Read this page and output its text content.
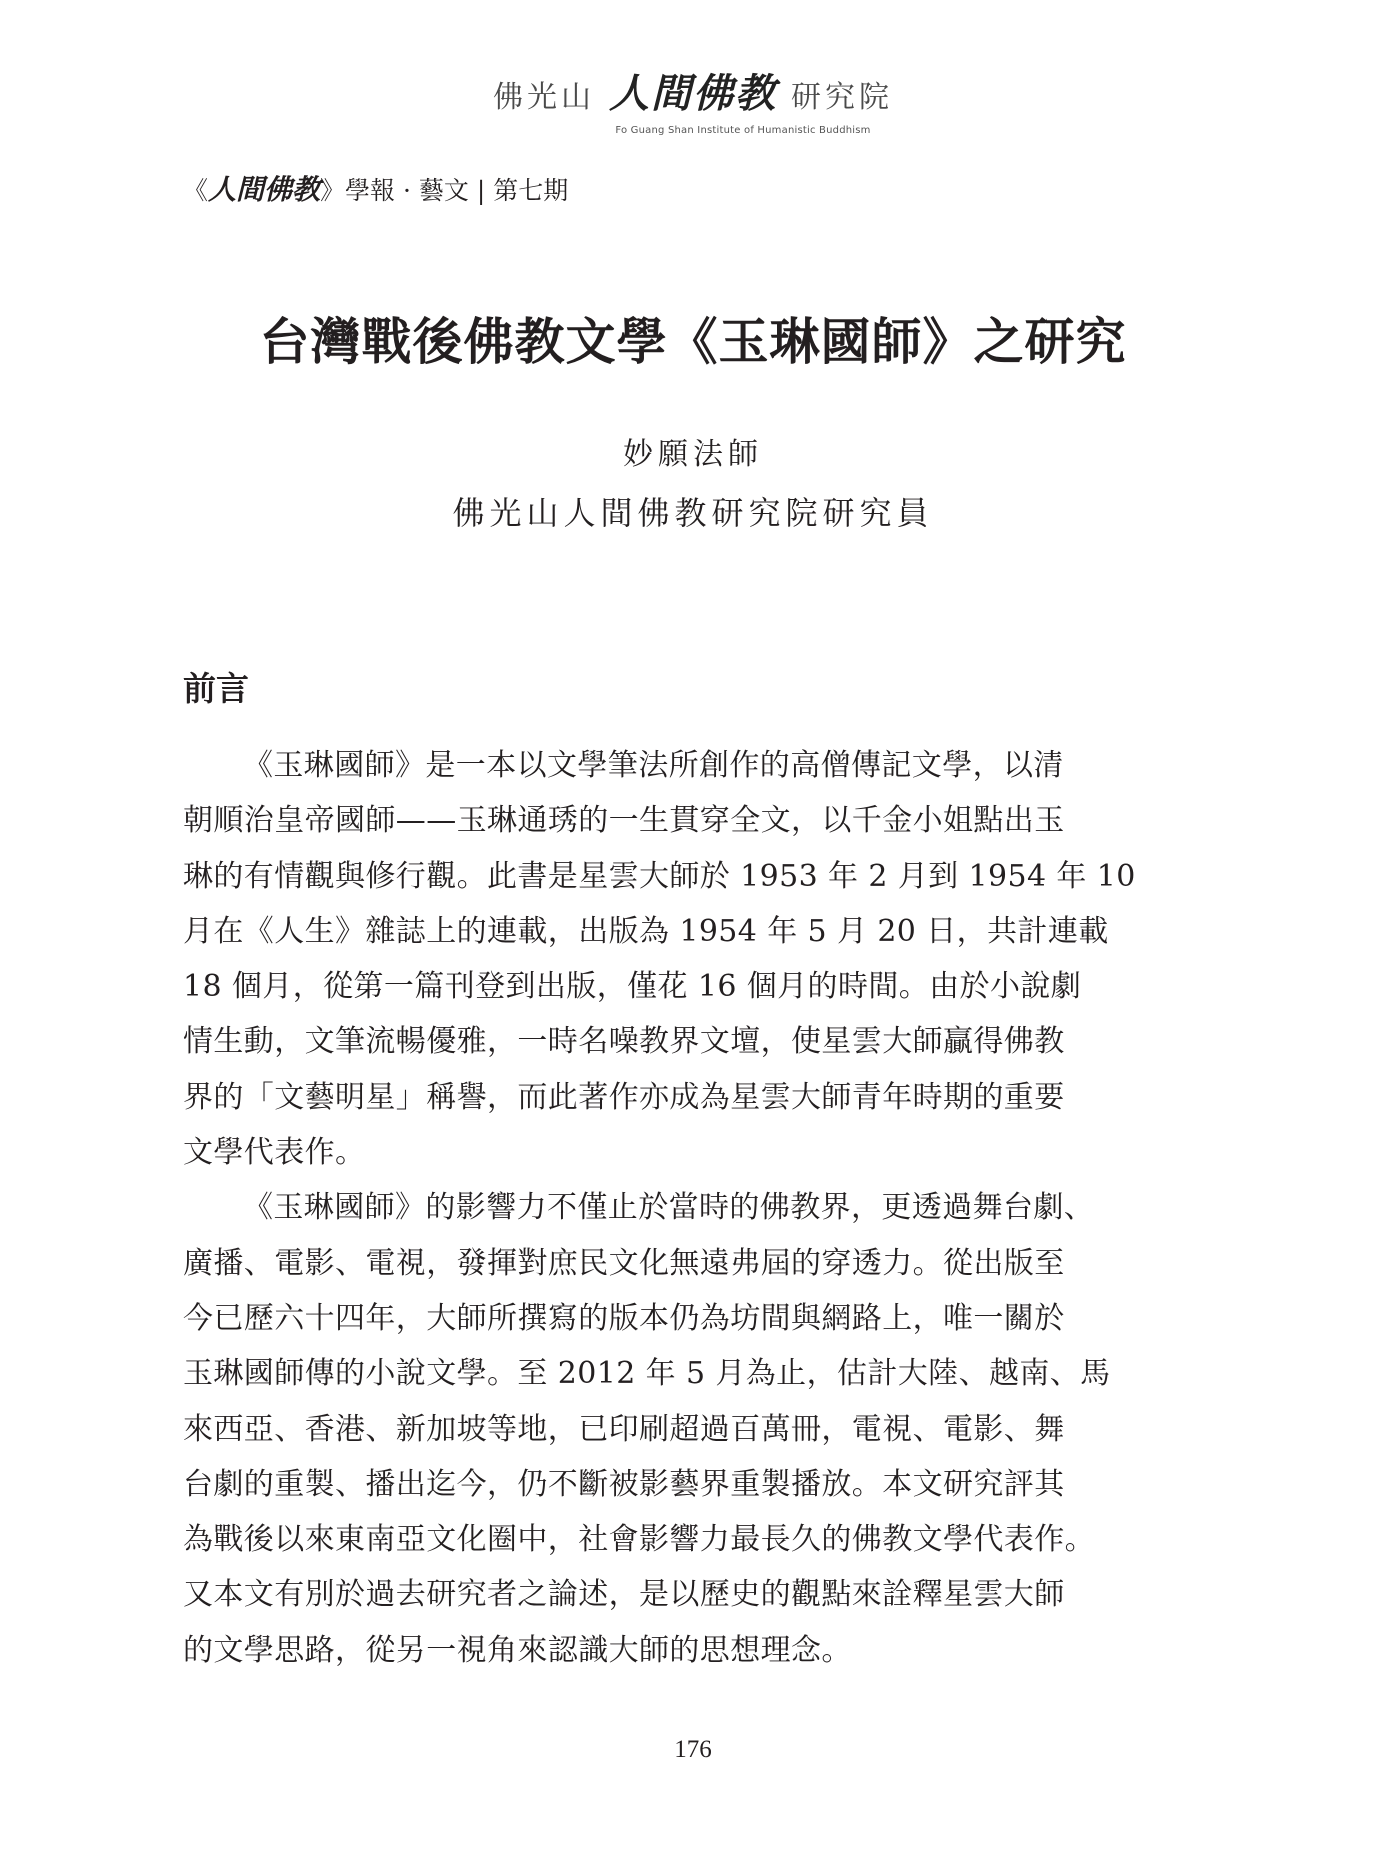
佛光山 人間佛教 研究院
Fo Guang Shan Institute of Humanistic Buddhism
《人間佛教》學報 · 藝文 | 第七期
台灣戰後佛教文學《玉琳國師》之研究
妙願法師
佛光山人間佛教研究院研究員
前言
《玉琳國師》是一本以文學筆法所創作的高僧傳記文學，以清
朝順治皇帝國師——玉琳通琇的一生貫穿全文，以千金小姐點出玉
琳的有情觀與修行觀。此書是星雲大師於 1953 年 2 月到 1954 年 10
月在《人生》雜誌上的連載，出版為 1954 年 5 月 20 日，共計連載
18 個月，從第一篇刊登到出版，僅花 16 個月的時間。由於小說劇
情生動，文筆流暢優雅，一時名噪教界文壇，使星雲大師贏得佛教
界的「文藝明星」稱譽，而此著作亦成為星雲大師青年時期的重要
文學代表作。
《玉琳國師》的影響力不僅止於當時的佛教界，更透過舞台劇、
廣播、電影、電視，發揮對庶民文化無遠弗屆的穿透力。從出版至
今已歷六十四年，大師所撰寫的版本仍為坊間與網路上，唯一關於
玉琳國師傳的小說文學。至 2012 年 5 月為止，估計大陸、越南、馬
來西亞、香港、新加坡等地，已印刷超過百萬冊，電視、電影、舞
台劇的重製、播出迄今，仍不斷被影藝界重製播放。本文研究評其
為戰後以來東南亞文化圈中，社會影響力最長久的佛教文學代表作。
又本文有別於過去研究者之論述，是以歷史的觀點來詮釋星雲大師
的文學思路，從另一視角來認識大師的思想理念。
176
